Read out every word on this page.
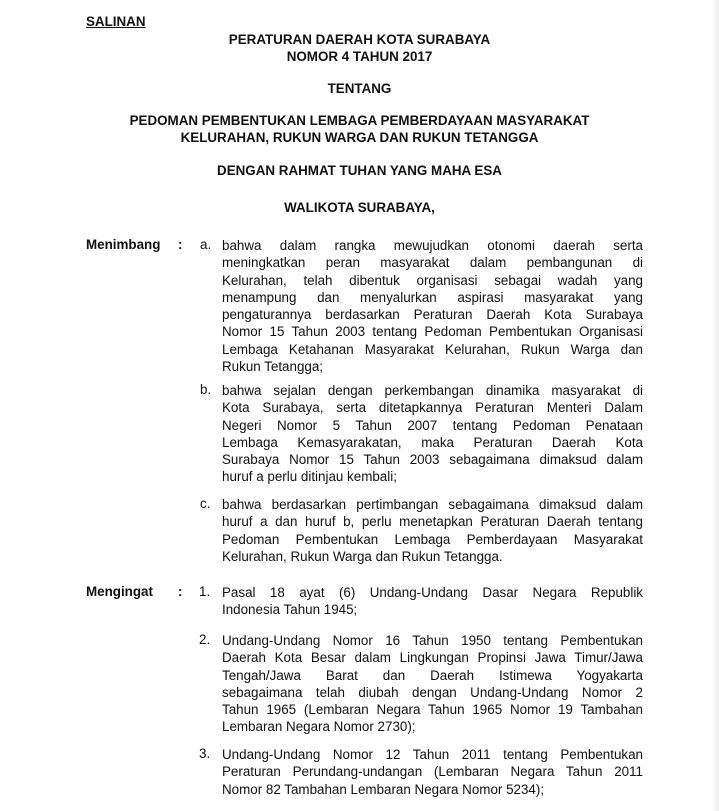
SALINAN
PERATURAN DAERAH KOTA SURABAYA
NOMOR 4 TAHUN 2017
TENTANG
PEDOMAN PEMBENTUKAN LEMBAGA PEMBERDAYAAN MASYARAKAT
KELURAHAN, RUKUN WARGA DAN RUKUN TETANGGA
DENGAN RAHMAT TUHAN YANG MAHA ESA
WALIKOTA SURABAYA,
Menimbang : a. bahwa dalam rangka mewujudkan otonomi daerah serta
meningkatkan peran masyarakat dalam pembangunan di
Kelurahan, telah dibentuk organisasi sebagai wadah yang
menampung dan menyalurkan aspirasi masyarakat yang
pengaturannya berdasarkan Peraturan Daerah Kota Surabaya
Nomor 15 Tahun 2003 tentang Pedoman Pembentukan Organisasi
Lembaga Ketahanan Masyarakat Kelurahan, Rukun Warga dan
Rukun Tetangga;
b. bahwa sejalan dengan perkembangan dinamika masyarakat di
Kota Surabaya, serta ditetapkannya Peraturan Menteri Dalam
Negeri Nomor 5 Tahun 2007 tentang Pedoman Penataan
Lembaga Kemasyarakatan, maka Peraturan Daerah Kota
Surabaya Nomor 15 Tahun 2003 sebagaimana dimaksud dalam
huruf a perlu ditinjau kembali;
c. bahwa berdasarkan pertimbangan sebagaimana dimaksud dalam
huruf a dan huruf b, perlu menetapkan Peraturan Daerah tentang
Pedoman Pembentukan Lembaga Pemberdayaan Masyarakat
Kelurahan, Rukun Warga dan Rukun Tetangga.
Mengingat : 1. Pasal 18 ayat (6) Undang-Undang Dasar Negara Republik
Indonesia Tahun 1945;
2. Undang-Undang Nomor 16 Tahun 1950 tentang Pembentukan
Daerah Kota Besar dalam Lingkungan Propinsi Jawa Timur/Jawa
Tengah/Jawa Barat dan Daerah Istimewa Yogyakarta
sebagaimana telah diubah dengan Undang-Undang Nomor 2
Tahun 1965 (Lembaran Negara Tahun 1965 Nomor 19 Tambahan
Lembaran Negara Nomor 2730);
3. Undang-Undang Nomor 12 Tahun 2011 tentang Pembentukan
Peraturan Perundang-undangan (Lembaran Negara Tahun 2011
Nomor 82 Tambahan Lembaran Negara Nomor 5234);
